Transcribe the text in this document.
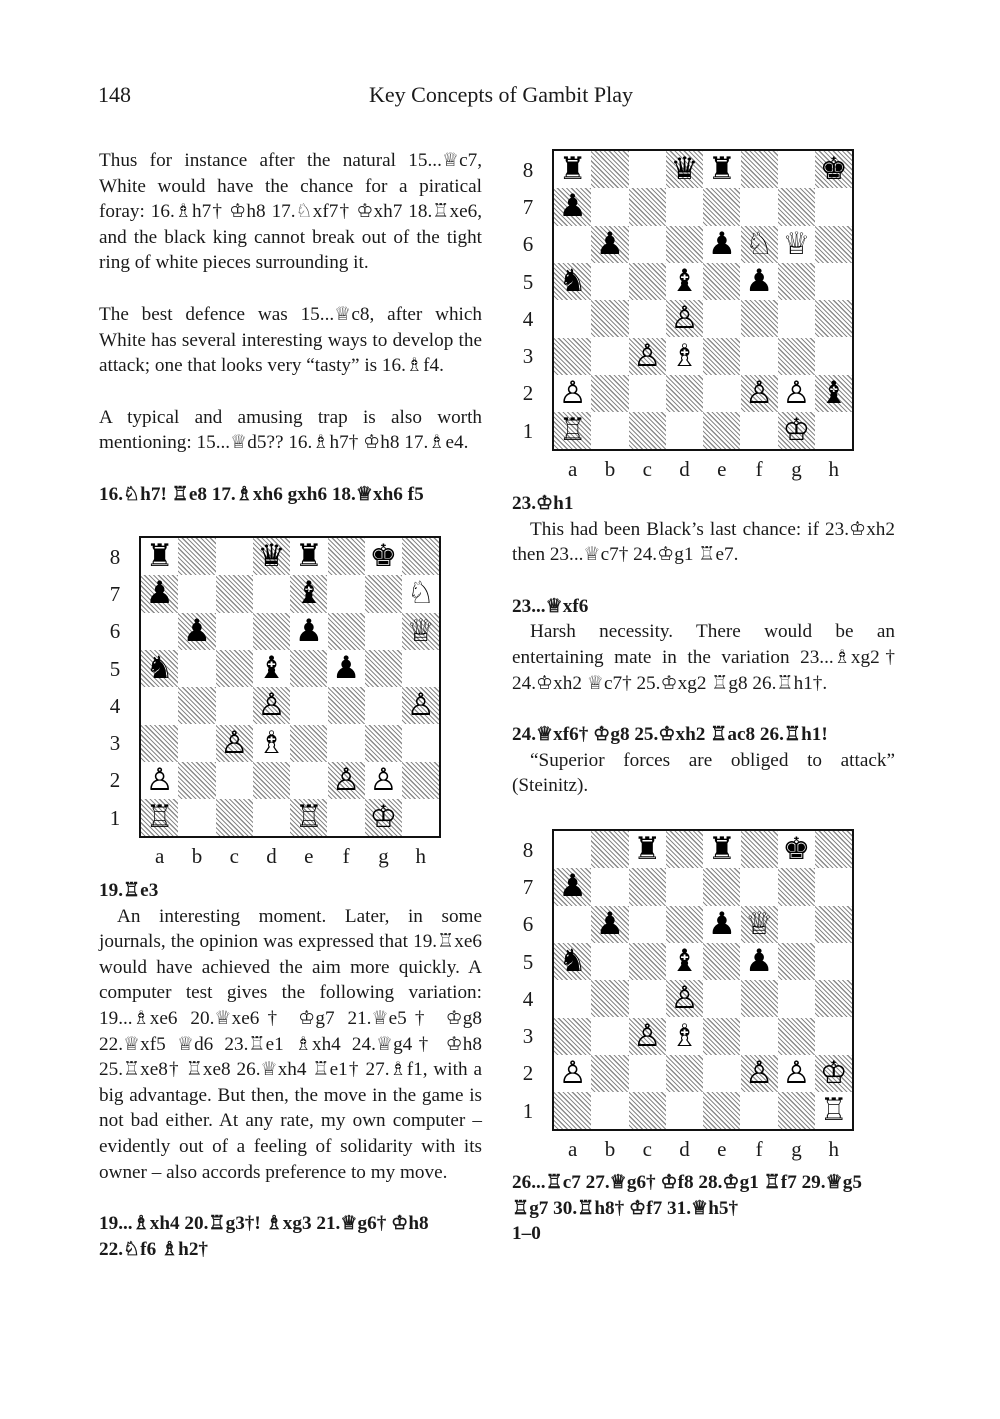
148	Key Concepts of Gambit Play

Thus for instance after the natural 15...♕c7, White would have the chance for a piratical foray: 16.♗h7† ♔h8 17.♘xf7† ♔xh7 18.♖xe6, and the black king cannot break out of the tight ring of white pieces surrounding it.

The best defence was 15...♕c8, after which White has several interesting ways to develop the attack; one that looks very “tasty” is 16.♗f4.

A typical and amusing trap is also worth mentioning: 15...♕d5?? 16.♗h7† ♔h8 17.♗e4.

16.♘h7! ♖e8 17.♗xh6 gxh6 18.♕xh6 f5

19.♖e3

An interesting moment. Later, in some journals, the opinion was expressed that 19.♖xe6 would have achieved the aim more quickly. A computer test gives the following variation: 19...♗xe6 20.♕xe6† ♔g7 21.♕e5† ♔g8 22.♕xf5 ♕d6 23.♖e1 ♗xh4 24.♕g4† ♔h8 25.♖xe8† ♖xe8 26.♕xh4 ♖e1† 27.♗f1, with a big advantage. But then, the move in the game is not bad either. At any rate, my own computer – evidently out of a feeling of solidarity with its owner – also accords preference to my move.

19...♗xh4 20.♖g3†! ♗xg3 21.♕g6† ♔h8 22.♘f6 ♗h2†

23.♔h1

This had been Black’s last chance: if 23.♔xh2 then 23...♕c7† 24.♔g1 ♖e7.

23...♕xf6

Harsh necessity. There would be an entertaining mate in the variation 23...♗xg2† 24.♔xh2 ♕c7† 25.♔xg2 ♖g8 26.♖h1†.

24.♕xf6† ♔g8 25.♔xh2 ♖ac8 26.♖h1!

“Superior forces are obliged to attack” (Steinitz).

26...♖c7 27.♕g6† ♔f8 28.♔g1 ♖f7 29.♕g5 ♖g7 30.♖h8† ♔f7 31.♕h5†

1–0

♜	♛ ♜	♚
♟
♟	♟ ♘ ♕
♞	♝ ♟
♙
♙ ♗
♙	♙ ♙ ♝
♖	♔
8
7
6
5
4
3
2
1
a	b	c	d	e	f	g	h
♜	♛ ♜ ♚
♟	♝	♘
♟	♟	♕
♞	♝ ♟
♙	♙
♙ ♗
♙	♙ ♙
♖	♖ ♔
8
7
6
5
4
3
2
1
a	b	c	d	e	f	g	h	♜ ♜ ♚
♟
♟	♟ ♕
♞	♝ ♟
♙
♙ ♗
♙	♙ ♙ ♔
♖
8
7
6
5
4
3
2
1
a	b	c	d	e	f	g	h
